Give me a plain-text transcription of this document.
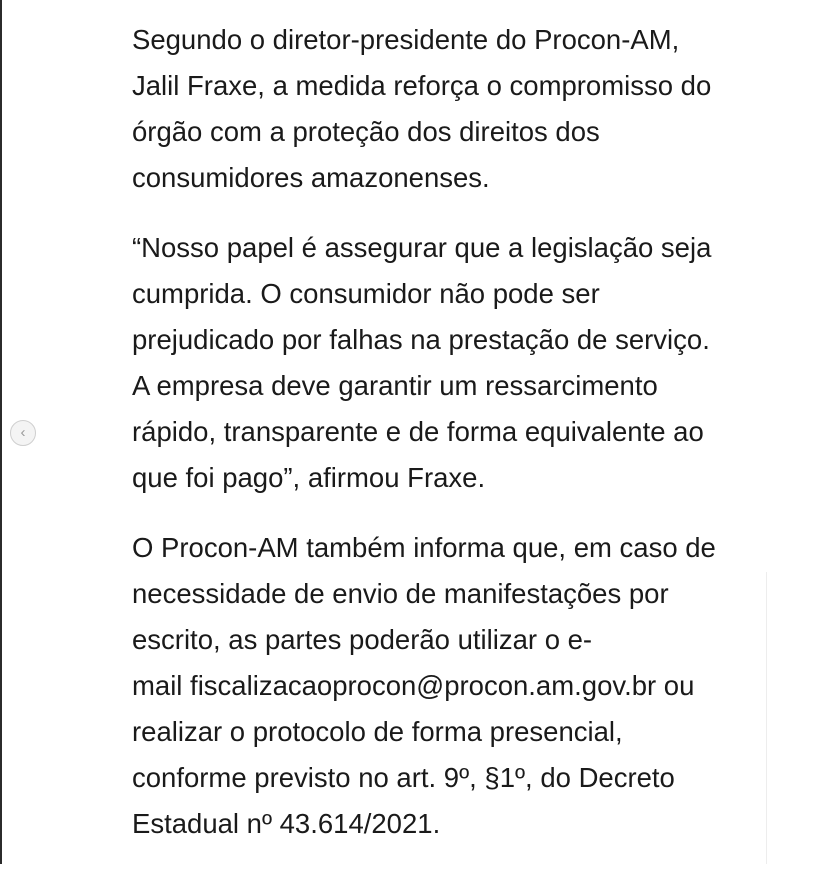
‹

Segundo o diretor-presidente do Procon-AM,
Jalil Fraxe, a medida reforça o compromisso do
órgão com a proteção dos direitos dos
consumidores amazonenses.

“Nosso papel é assegurar que a legislação seja
cumprida. O consumidor não pode ser
prejudicado por falhas na prestação de serviço.
A empresa deve garantir um ressarcimento
rápido, transparente e de forma equivalente ao
que foi pago”, afirmou Fraxe.

O Procon-AM também informa que, em caso de
necessidade de envio de manifestações por
escrito, as partes poderão utilizar o e-
mail fiscalizacaoprocon@procon.am.gov.br ou
realizar o protocolo de forma presencial,
conforme previsto no art. 9º, §1º, do Decreto
Estadual nº 43.614/2021.
